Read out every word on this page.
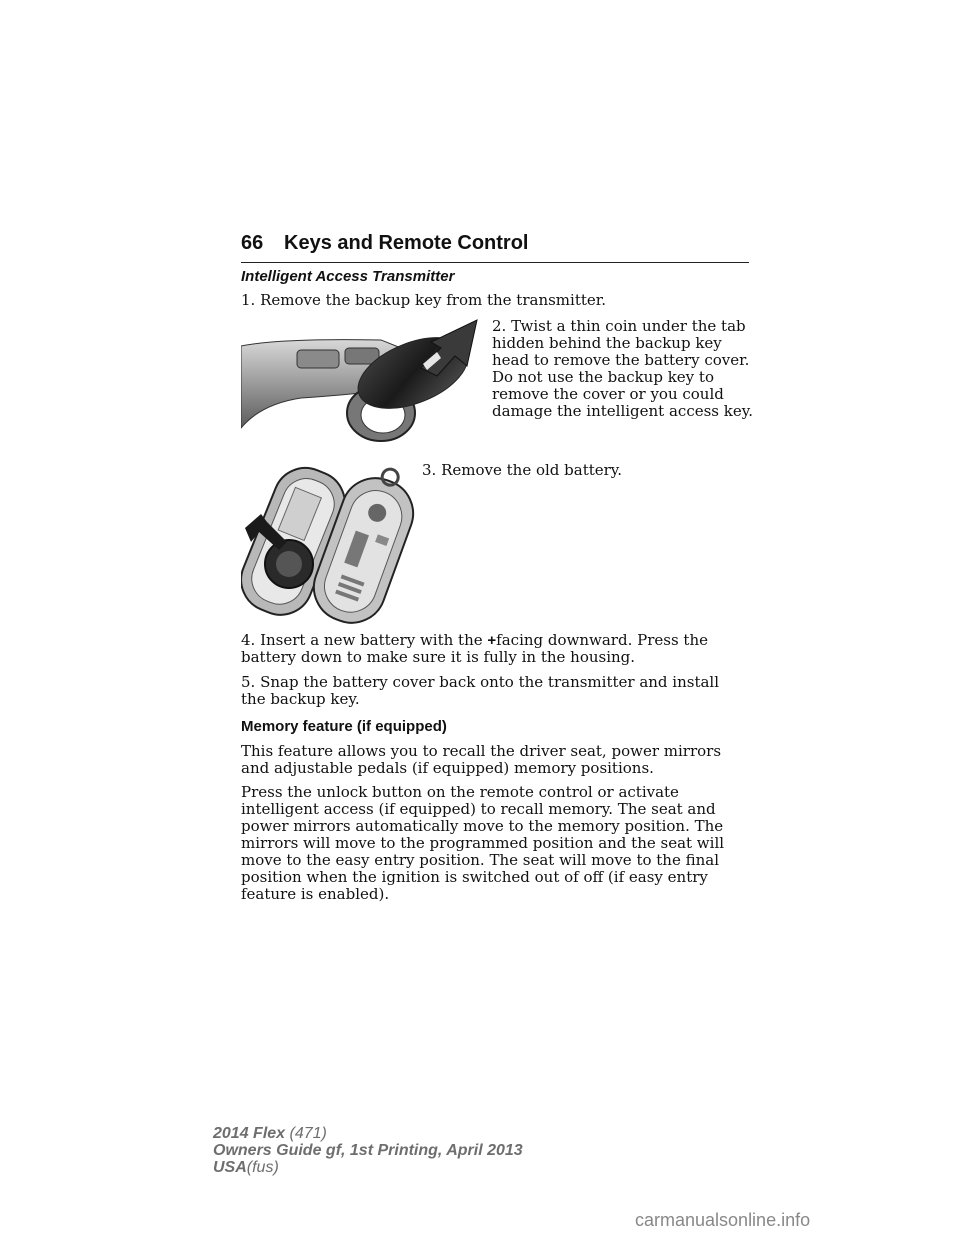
66 Keys and Remote Control
Intelligent Access Transmitter

1. Remove the backup key from the transmitter.

2. Twist a thin coin under the tab hidden behind the backup key head to remove the battery cover. Do not use the backup key to remove the cover or you could damage the intelligent access key.

3. Remove the old battery.

4. Insert a new battery with the +facing downward. Press the battery down to make sure it is fully in the housing.

5. Snap the battery cover back onto the transmitter and install the backup key.

Memory feature (if equipped)

This feature allows you to recall the driver seat, power mirrors and adjustable pedals (if equipped) memory positions.

Press the unlock button on the remote control or activate intelligent access (if equipped) to recall memory. The seat and power mirrors automatically move to the memory position. The mirrors will move to the programmed position and the seat will move to the easy entry position. The seat will move to the final position when the ignition is switched out of off (if easy entry feature is enabled).

2014 Flex (471)
Owners Guide gf, 1st Printing, April 2013
USA(fus)
carmanualsonline.info
